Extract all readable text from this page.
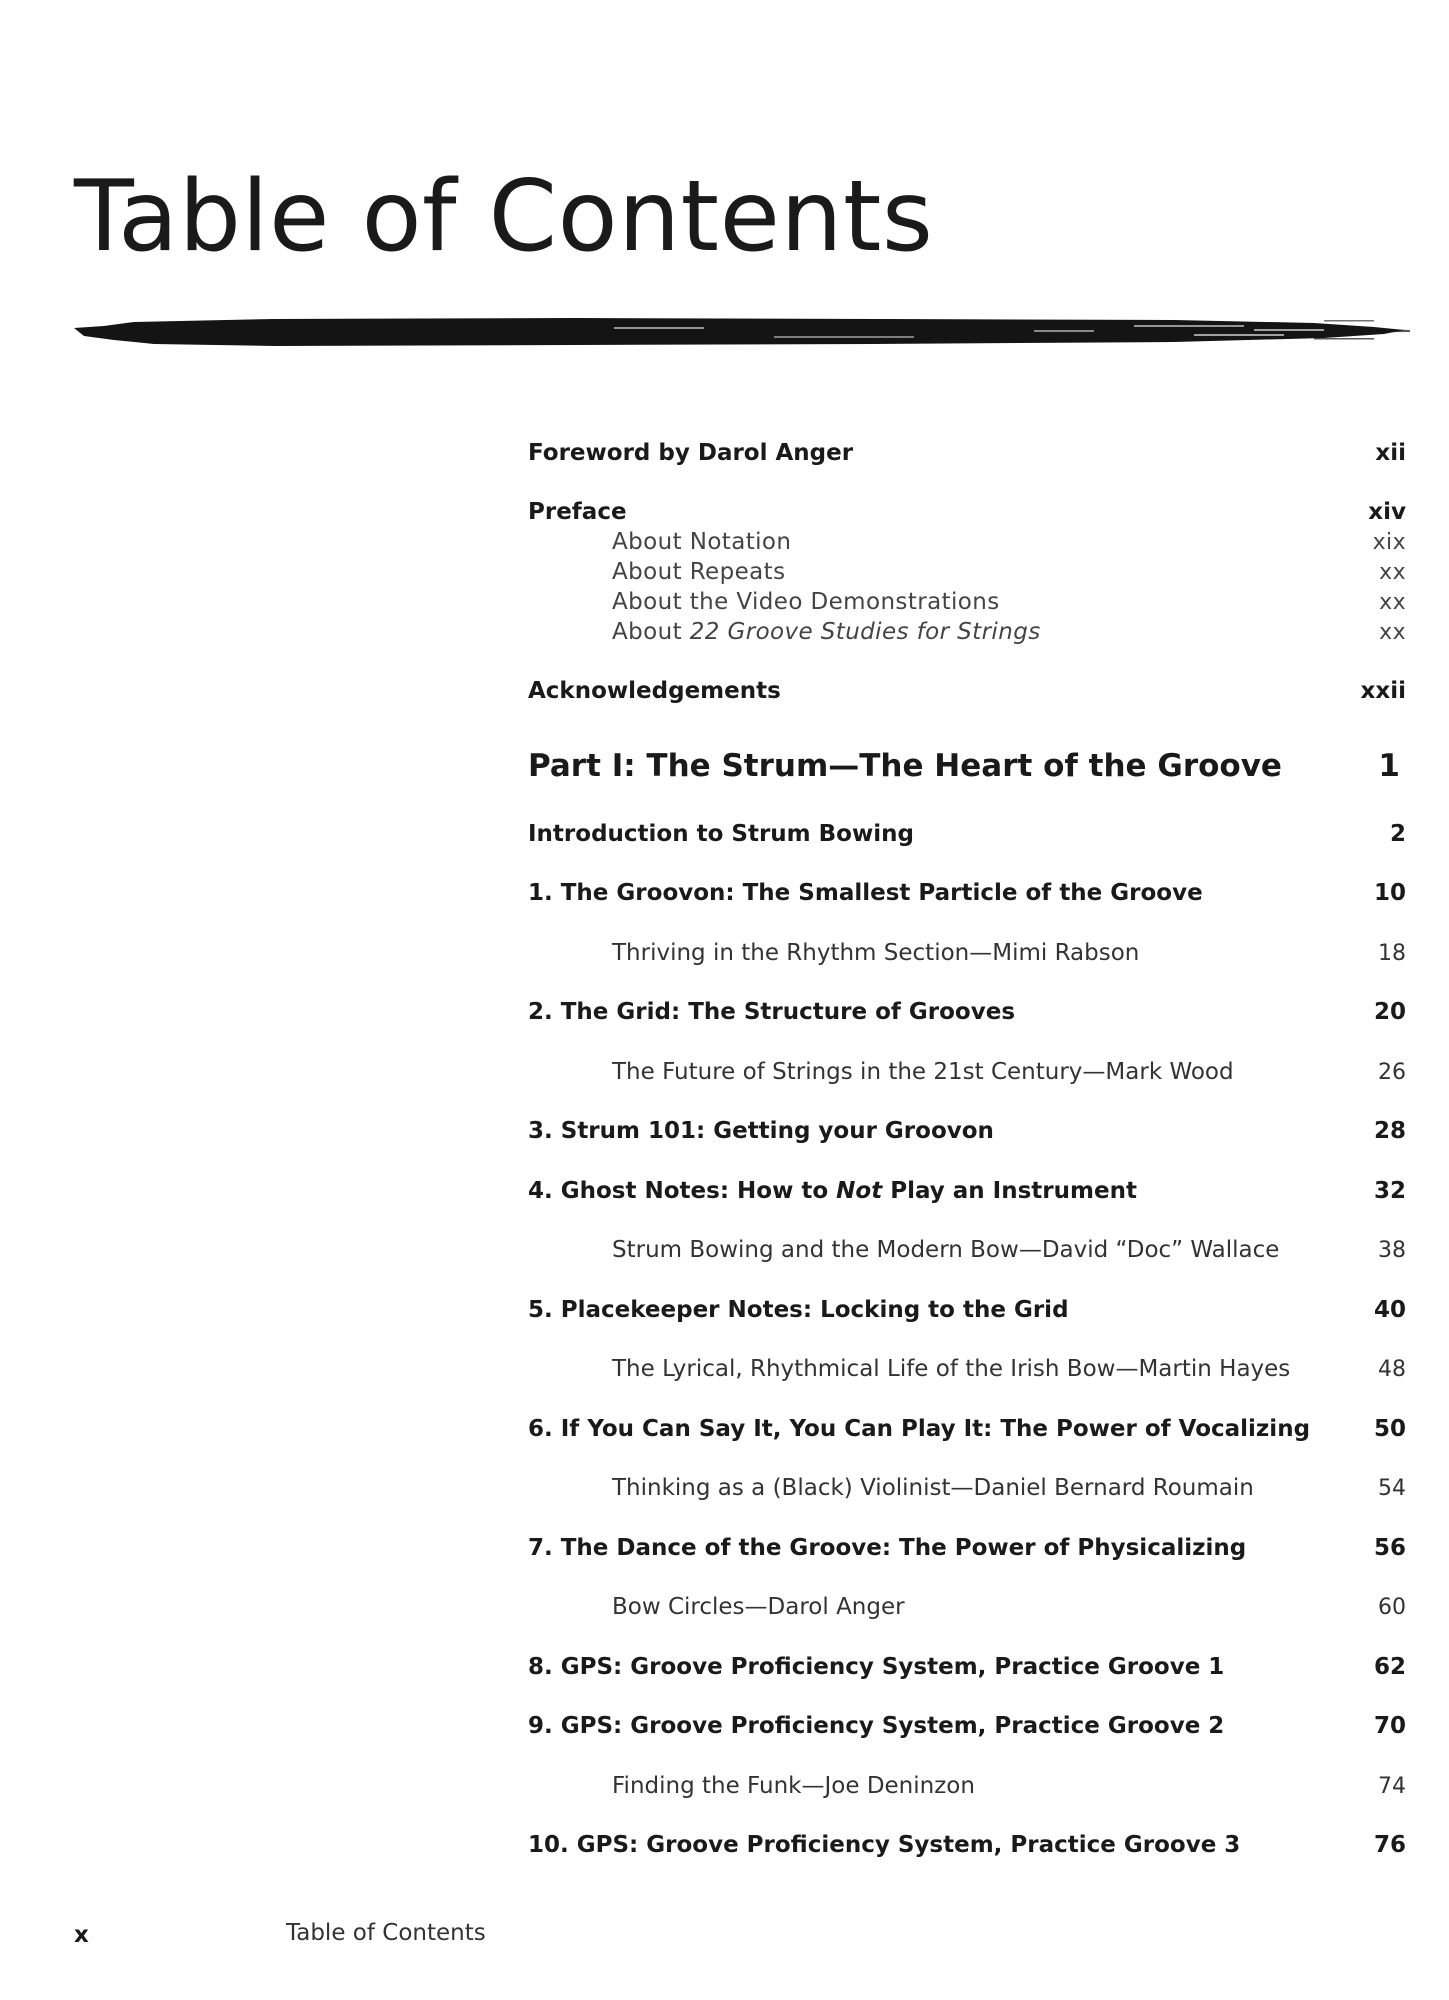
Table of Contents
Foreword by Darol Anger	xii
Preface	xiv
About Notation	xix
About Repeats	xx
About the Video Demonstrations	xx
About 22 Groove Studies for Strings	xx
Acknowledgements	xxii
Part I: The Strum—The Heart of the Groove	1
Introduction to Strum Bowing	2
1. The Groovon: The Smallest Particle of the Groove	10
Thriving in the Rhythm Section—Mimi Rabson	18
2. The Grid: The Structure of Grooves	20
The Future of Strings in the 21st Century—Mark Wood	26
3. Strum 101: Getting your Groovon	28
4. Ghost Notes: How to Not Play an Instrument	32
Strum Bowing and the Modern Bow—David “Doc” Wallace	38
5. Placekeeper Notes: Locking to the Grid	40
The Lyrical, Rhythmical Life of the Irish Bow—Martin Hayes	48
6. If You Can Say It, You Can Play It: The Power of Vocalizing	50
Thinking as a (Black) Violinist—Daniel Bernard Roumain	54
7. The Dance of the Groove: The Power of Physicalizing	56
Bow Circles—Darol Anger	60
8. GPS: Groove Proficiency System, Practice Groove 1	62
9. GPS: Groove Proficiency System, Practice Groove 2	70
Finding the Funk—Joe Deninzon	74
10. GPS: Groove Proficiency System, Practice Groove 3	76
x	Table of Contents
